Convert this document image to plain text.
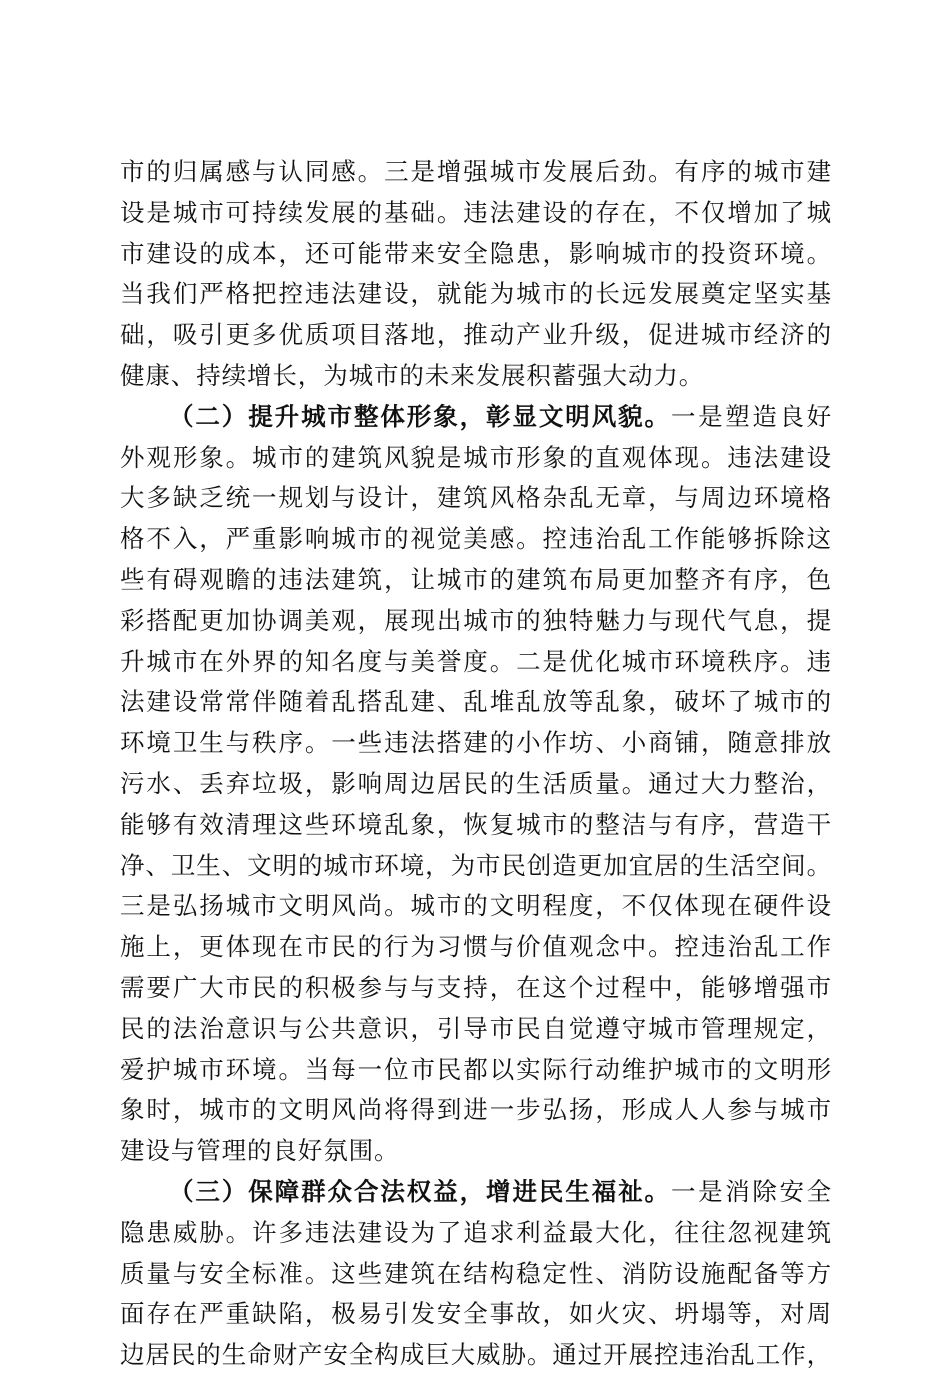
市的归属感与认同感。三是增强城市发展后劲。有序的城市建
设是城市可持续发展的基础。违法建设的存在，不仅增加了城
市建设的成本，还可能带来安全隐患，影响城市的投资环境。
当我们严格把控违法建设，就能为城市的长远发展奠定坚实基
础，吸引更多优质项目落地，推动产业升级，促进城市经济的
健康、持续增长，为城市的未来发展积蓄强大动力。
（二）提升城市整体形象，彰显文明风貌。一是塑造良好
外观形象。城市的建筑风貌是城市形象的直观体现。违法建设
大多缺乏统一规划与设计，建筑风格杂乱无章，与周边环境格
格不入，严重影响城市的视觉美感。控违治乱工作能够拆除这
些有碍观瞻的违法建筑，让城市的建筑布局更加整齐有序，色
彩搭配更加协调美观，展现出城市的独特魅力与现代气息，提
升城市在外界的知名度与美誉度。二是优化城市环境秩序。违
法建设常常伴随着乱搭乱建、乱堆乱放等乱象，破坏了城市的
环境卫生与秩序。一些违法搭建的小作坊、小商铺，随意排放
污水、丢弃垃圾，影响周边居民的生活质量。通过大力整治，
能够有效清理这些环境乱象，恢复城市的整洁与有序，营造干
净、卫生、文明的城市环境，为市民创造更加宜居的生活空间。
三是弘扬城市文明风尚。城市的文明程度，不仅体现在硬件设
施上，更体现在市民的行为习惯与价值观念中。控违治乱工作
需要广大市民的积极参与与支持，在这个过程中，能够增强市
民的法治意识与公共意识，引导市民自觉遵守城市管理规定，
爱护城市环境。当每一位市民都以实际行动维护城市的文明形
象时，城市的文明风尚将得到进一步弘扬，形成人人参与城市
建设与管理的良好氛围。
（三）保障群众合法权益，增进民生福祉。一是消除安全
隐患威胁。许多违法建设为了追求利益最大化，往往忽视建筑
质量与安全标准。这些建筑在结构稳定性、消防设施配备等方
面存在严重缺陷，极易引发安全事故，如火灾、坍塌等，对周
边居民的生命财产安全构成巨大威胁。通过开展控违治乱工作，
